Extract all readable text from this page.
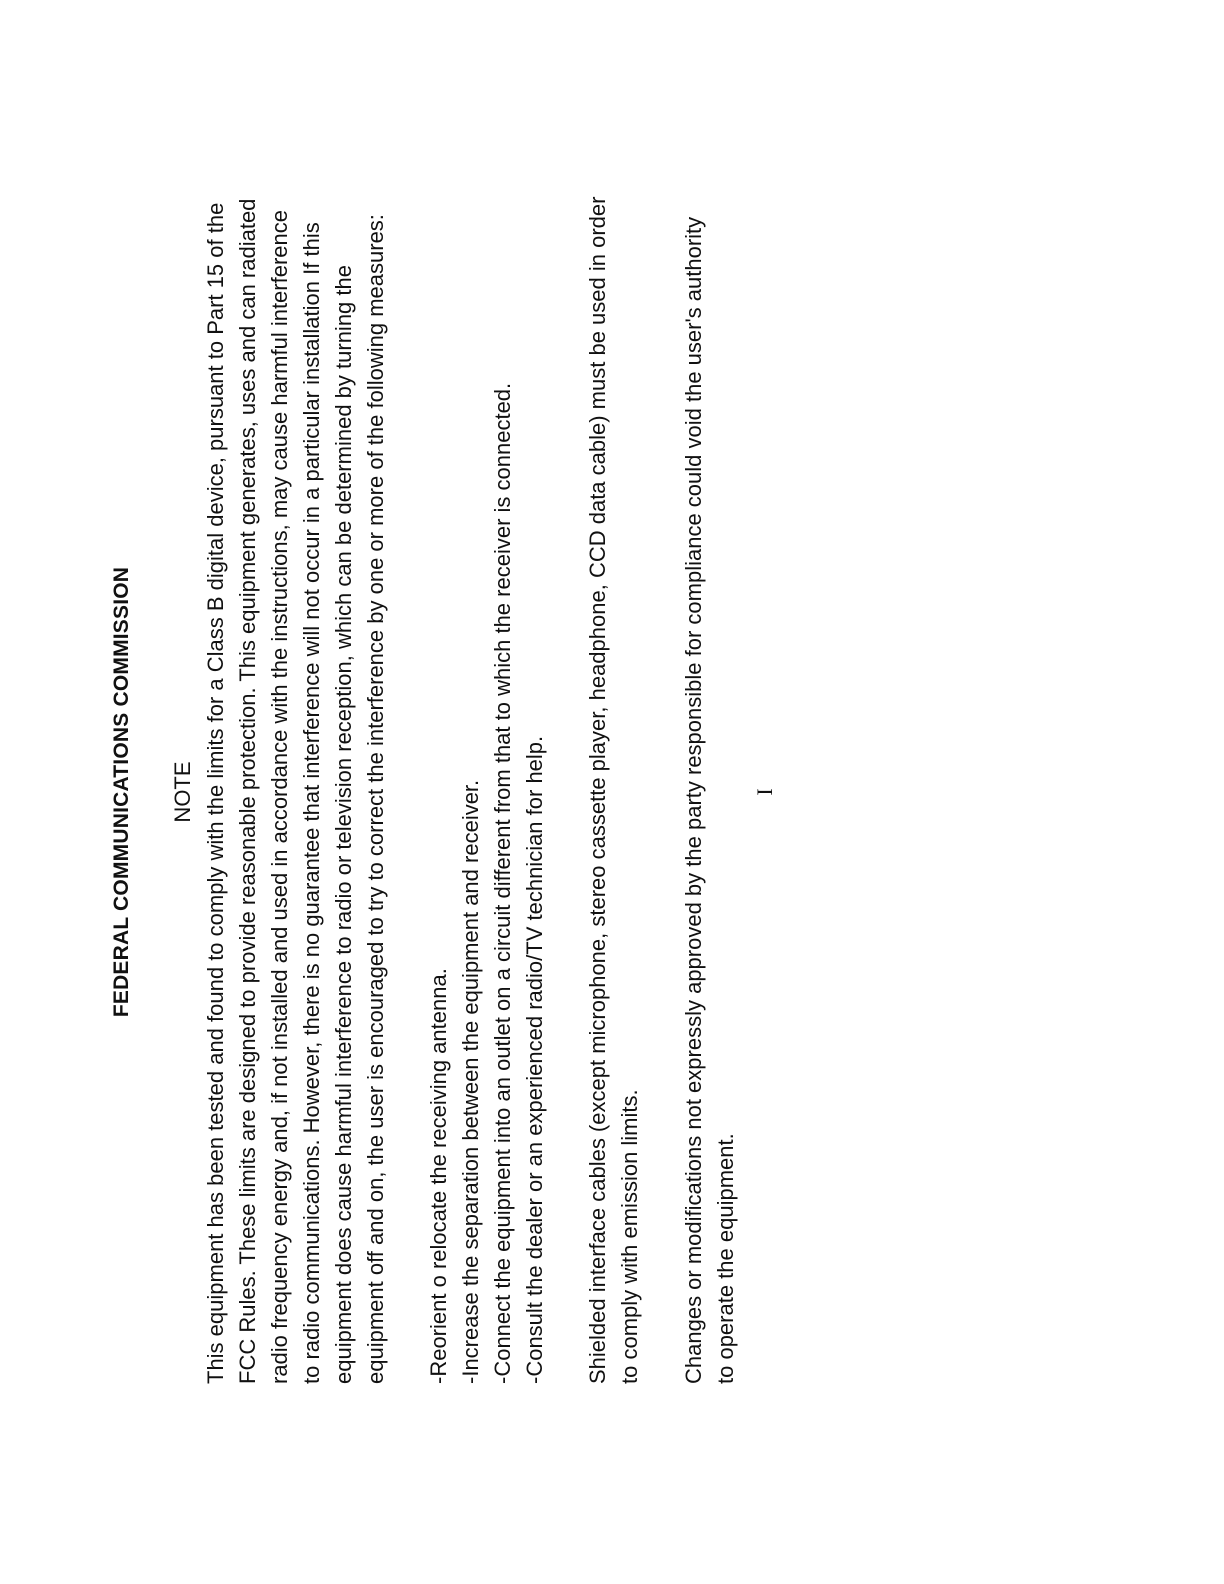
FEDERAL COMMUNICATIONS COMMISSION NOTE This equipment has been tested and found to comply with the limits for a Class B digital device, pursuant to Part 15 of the FCC Rules. These limits are designed to provide reasonable protection. This equipment generates, uses and can radiated radio frequency energy and, if not installed and used in accordance with the instructions, may cause harmful interference to radio communications. However, there is no guarantee that interference will not occur in a particular installation If this equipment does cause harmful interference to radio or television reception, which can be determined by turning the equipment off and on, the user is encouraged to try to correct the interference by one or more of the following measures: -Reorient o relocate the receiving antenna. -Increase the separation between the equipment and receiver. -Connect the equipment into an outlet on a circuit different from that to which the receiver is connected. -Consult the dealer or an experienced radio/TV technician for help. Shielded interface cables (except microphone, stereo cassette player, headphone, CCD data cable) must be used in order to comply with emission limits. Changes or modifications not expressly approved by the party responsible for compliance could void the user's authority to operate the equipment.

I
